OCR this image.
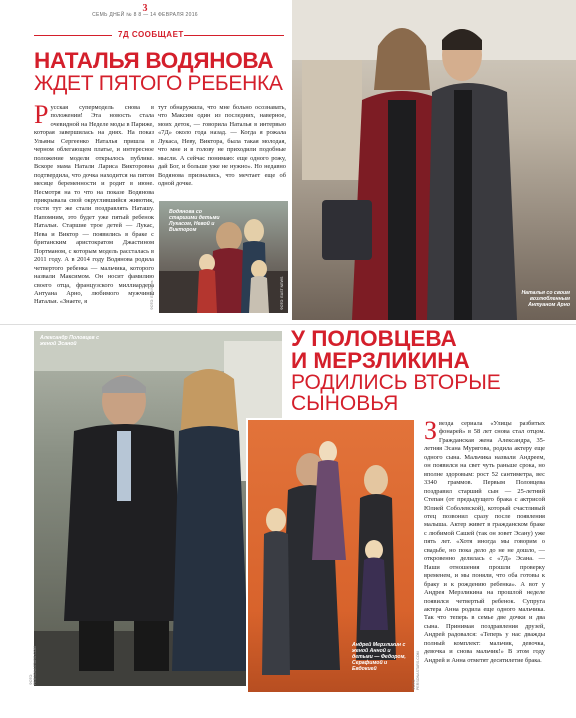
3
СЕМЬ ДНЕЙ № 8 8 — 14 ФЕВРАЛЯ 2016
7Д СООБЩАЕТ
НАТАЛЬЯ ВОДЯНОВА
ЖДЕТ ПЯТОГО РЕБЕНКА
Русская супермодель снова в положении! Эта новость стала очевидной на Неделе моды в Париже, которая завершилась на днях. На показ Ульяны Сергеенко Наталья пришла в черном облегающем платье, и интересное положение модели открылось публике. Вскоре мама Натали Лариса Викторовна подтвердила, что дочка находится на пятом месяце беременности и родит в июне. Несмотря на то что на показе Водянова прикрывала свой округлившийся животик, гости тут же стали поздравлять Наташу. Напомним, это будет уже пятый ребенок Натальи. Старшие трое детей — Лукас, Нева и Виктор — появились в браке с британским аристократом Джастином Портманом, с которым модель рассталась в 2011 году. А в 2014 году Водянова родила четвертого ребенка — мальчика, которого назвали Максимом. Он носит фамилию своего отца, французского миллиардера Антуана Арно, любимого мужчины Натальи. «Знаете, я
тут обнаружила, что мне больно осознавать, что Максим один из последних, наверное, моих деток, — говорила Наталья в интервью «7Д» около года назад. — Когда я рожала Лукаса, Неву, Виктора, была такая молодая, что мне и в голову не приходили подобные мысли. А сейчас понимаю: еще одного рожу, дай Бог, и больше уже не нужно». Но недавно Водянова признались, что мечтает еще об одной дочке.
Водянова со старшими детьми Лукасом, Невой и Виктором
ФОТО: East News	Наталья со своим возлюбленным Антуаном Арно
ФОТО: EAST NEWS
Александр Половцев с женой Эсаной
ФОТО: PERSONASTARS.COM
У ПОЛОВЦЕВА
И МЕРЗЛИКИНА
РОДИЛИСЬ ВТОРЫЕ
СЫНОВЬЯ
Андрей Мерзликин с женой Анной и детьми — Федором, Серафимой и Евдокией
ФОТО: PERSONASTARS.COM
Звезда сериала «Улицы разбитых фонарей» в 58 лет снова стал отцом. Гражданская жена Александра, 35-летняя Эсана Мурягова, родила актеру еще одного сына. Мальчика назвали Андреем, он появился на свет чуть раньше срока, но вполне здоровым: рост 52 сантиметра, вес 3340 граммов. Первым Половцева поздравил старший сын — 25-летний Степан (от предыдущего брака с актрисой Юлией Соболевской), который счастливый отец позвонил сразу после появления малыша. Актер живет в гражданском браке с любимой Сашей (так он зовет Эсану) уже пять лет. «Хотя иногда мы говорим о свадьбе, но пока дело до не не дошло, — откровенно делилась с «7Д» Эсана. — Наши отношения прошли проверку временем, и мы поняли, что оба готовы к браку и к рождению ребенка». А вот у Андрея Мерзликина на прошлой неделе появился четвертый ребенок. Супруга актера Анна родила еще одного мальчика. Так что теперь в семье две дочки и два сына. Принимая поздравления друзей, Андрей радовался: «Теперь у нас дважды полный комплект: мальчик, девочка, девочка и снова мальчик!» В этом году Андрей и Анна отметят десятилетие брака.
